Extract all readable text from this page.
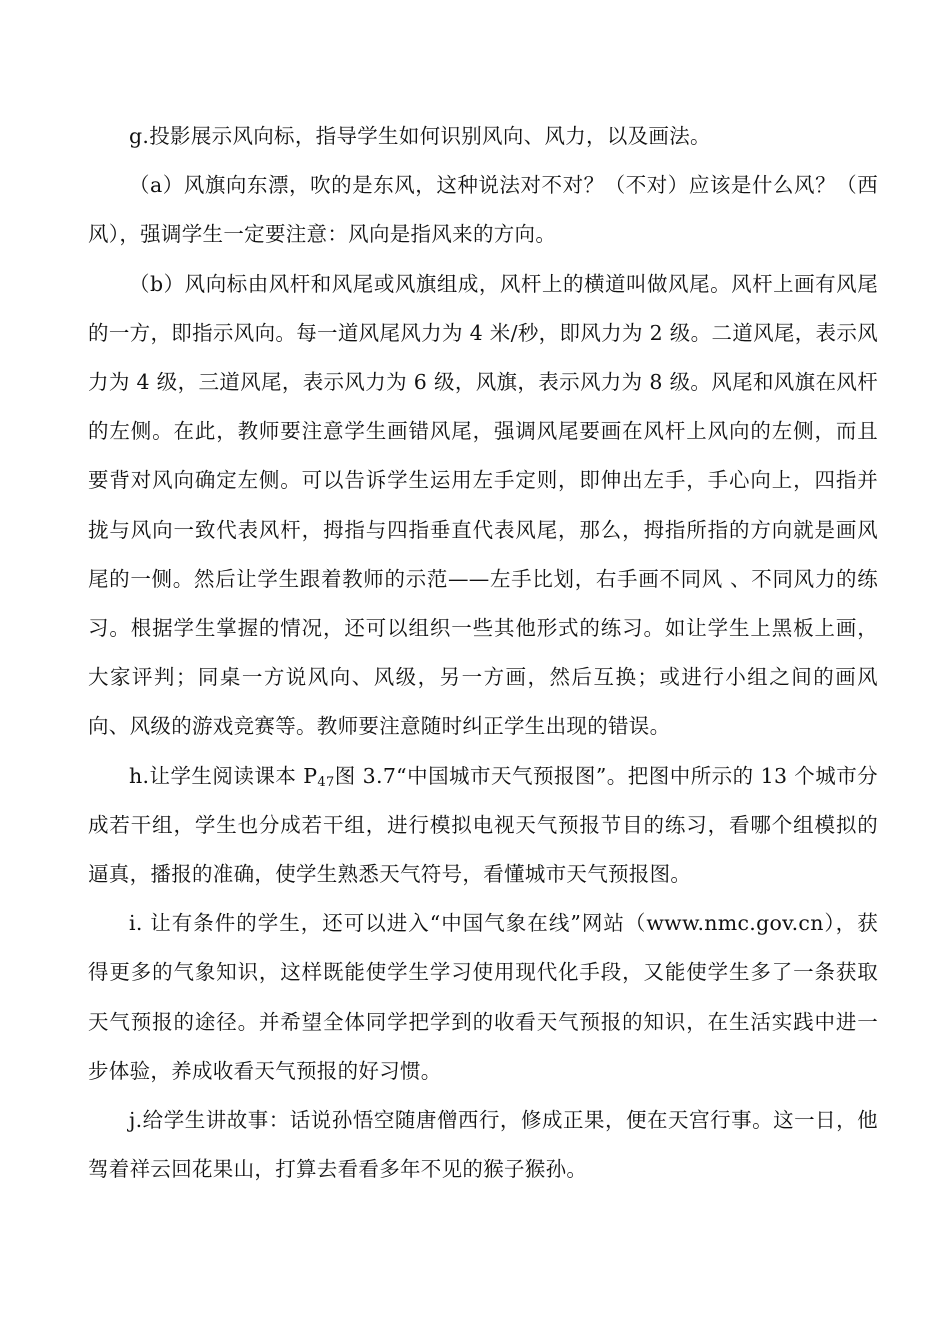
g.投影展示风向标，指导学生如何识别风向、风力，以及画法。

（a）风旗向东漂，吹的是东风，这种说法对不对？（不对）应该是什么风？（西风），强调学生一定要注意：风向是指风来的方向。

（b）风向标由风杆和风尾或风旗组成，风杆上的横道叫做风尾。风杆上画有风尾的一方，即指示风向。每一道风尾风力为 4 米/秒，即风力为 2 级。二道风尾，表示风力为 4 级，三道风尾，表示风力为 6 级，风旗，表示风力为 8 级。风尾和风旗在风杆的左侧。在此，教师要注意学生画错风尾，强调风尾要画在风杆上风向的左侧，而且要背对风向确定左侧。可以告诉学生运用左手定则，即伸出左手，手心向上，四指并拢与风向一致代表风杆，拇指与四指垂直代表风尾，那么，拇指所指的方向就是画风尾的一侧。然后让学生跟着教师的示范——左手比划，右手画不同风 、不同风力的练习。根据学生掌握的情况，还可以组织一些其他形式的练习。如让学生上黑板上画，大家评判；同桌一方说风向、风级，另一方画，然后互换；或进行小组之间的画风向、风级的游戏竞赛等。教师要注意随时纠正学生出现的错误。

h.让学生阅读课本 $P_{47}$图 3.7“中国城市天气预报图”。把图中所示的 13 个城市分成若干组，学生也分成若干组，进行模拟电视天气预报节目的练习，看哪个组模拟的逼真，播报的准确，使学生熟悉天气符号，看懂城市天气预报图。

i. 让有条件的学生，还可以进入“中国气象在线”网站（www.nmc.gov.cn），获得更多的气象知识，这样既能使学生学习使用现代化手段，又能使学生多了一条获取天气预报的途径。并希望全体同学把学到的收看天气预报的知识，在生活实践中进一步体验，养成收看天气预报的好习惯。

j.给学生讲故事：话说孙悟空随唐僧西行，修成正果，便在天宫行事。这一日，他驾着祥云回花果山，打算去看看多年不见的猴子猴孙。
